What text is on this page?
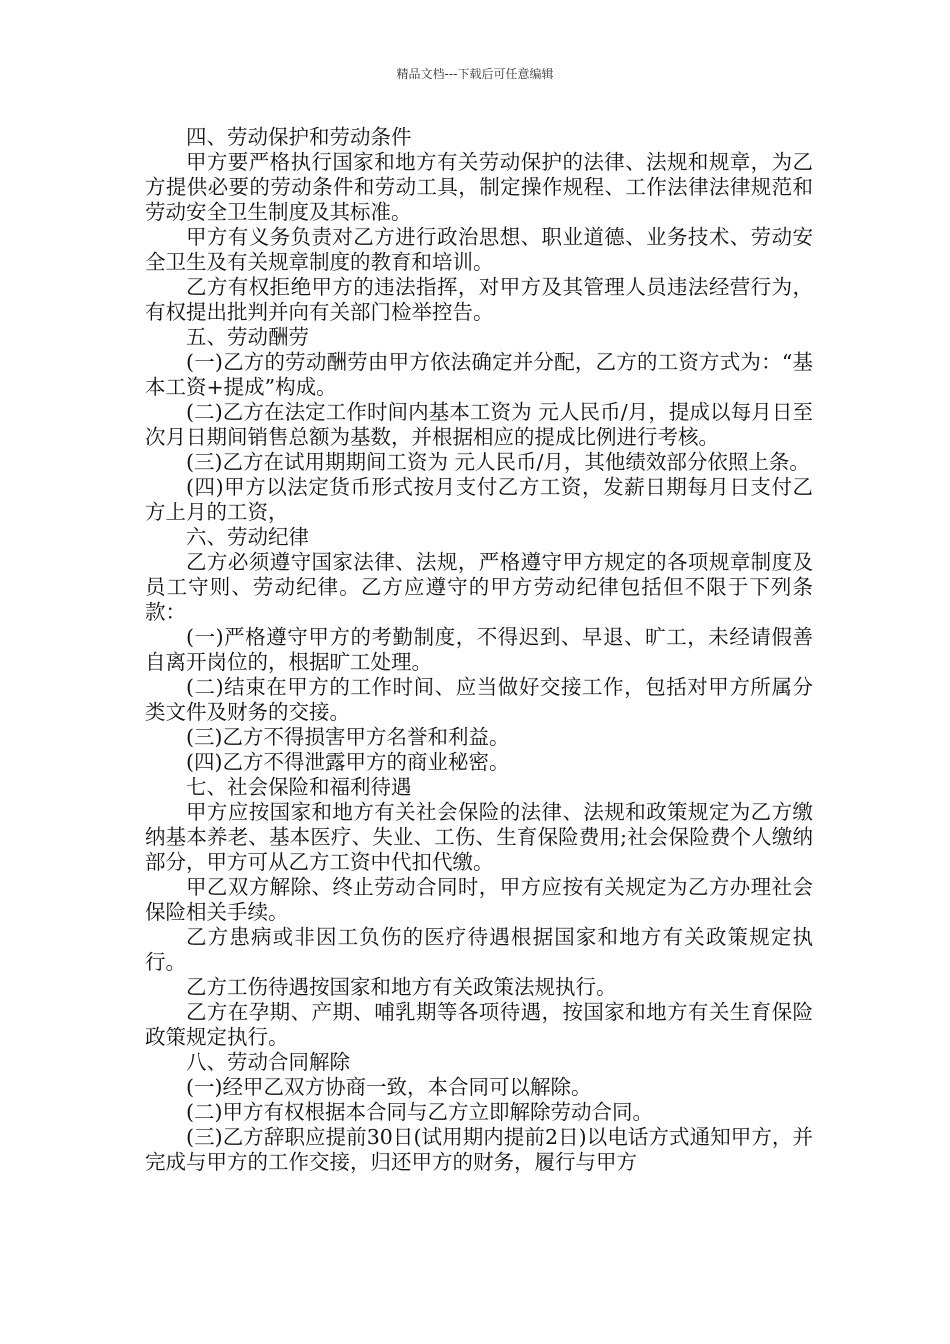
精品文档---下载后可任意编辑

四、劳动保护和劳动条件

甲方要严格执行国家和地方有关劳动保护的法律、法规和规章，为乙方提供必要的劳动条件和劳动工具，制定操作规程、工作法律法律规范和劳动安全卫生制度及其标准。

甲方有义务负责对乙方进行政治思想、职业道德、业务技术、劳动安全卫生及有关规章制度的教育和培训。

乙方有权拒绝甲方的违法指挥，对甲方及其管理人员违法经营行为，有权提出批判并向有关部门检举控告。

五、劳动酬劳

(一)乙方的劳动酬劳由甲方依法确定并分配，乙方的工资方式为：“基本工资+提成”构成。

(二)乙方在法定工作时间内基本工资为 元人民币/月，提成以每月日至次月日期间销售总额为基数，并根据相应的提成比例进行考核。

(三)乙方在试用期期间工资为 元人民币/月，其他绩效部分依照上条。

(四)甲方以法定货币形式按月支付乙方工资，发薪日期每月日支付乙方上月的工资，

六、劳动纪律

乙方必须遵守国家法律、法规，严格遵守甲方规定的各项规章制度及员工守则、劳动纪律。乙方应遵守的甲方劳动纪律包括但不限于下列条款：

(一)严格遵守甲方的考勤制度，不得迟到、早退、旷工，未经请假善自离开岗位的，根据旷工处理。

(二)结束在甲方的工作时间、应当做好交接工作，包括对甲方所属分类文件及财务的交接。

(三)乙方不得损害甲方名誉和利益。

(四)乙方不得泄露甲方的商业秘密。

七、社会保险和福利待遇

甲方应按国家和地方有关社会保险的法律、法规和政策规定为乙方缴纳基本养老、基本医疗、失业、工伤、生育保险费用;社会保险费个人缴纳部分，甲方可从乙方工资中代扣代缴。

甲乙双方解除、终止劳动合同时，甲方应按有关规定为乙方办理社会保险相关手续。

乙方患病或非因工负伤的医疗待遇根据国家和地方有关政策规定执行。

乙方工伤待遇按国家和地方有关政策法规执行。

乙方在孕期、产期、哺乳期等各项待遇，按国家和地方有关生育保险政策规定执行。

八、劳动合同解除

(一)经甲乙双方协商一致，本合同可以解除。

(二)甲方有权根据本合同与乙方立即解除劳动合同。

(三)乙方辞职应提前30日(试用期内提前2日)以电话方式通知甲方，并完成与甲方的工作交接，归还甲方的财务，履行与甲方
